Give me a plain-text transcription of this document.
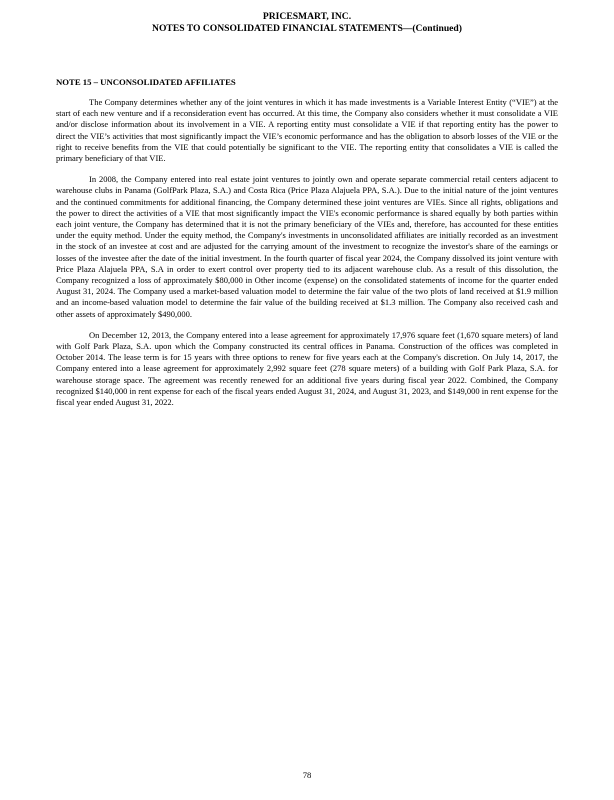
PRICESMART, INC.
NOTES TO CONSOLIDATED FINANCIAL STATEMENTS—(Continued)
NOTE 15 – UNCONSOLIDATED AFFILIATES

The Company determines whether any of the joint ventures in which it has made investments is a Variable Interest Entity (“VIE”) at the start of each new venture and if a reconsideration event has occurred. At this time, the Company also considers whether it must consolidate a VIE and/or disclose information about its involvement in a VIE. A reporting entity must consolidate a VIE if that reporting entity has the power to direct the VIE’s activities that most significantly impact the VIE’s economic performance and has the obligation to absorb losses of the VIE or the right to receive benefits from the VIE that could potentially be significant to the VIE. The reporting entity that consolidates a VIE is called the primary beneficiary of that VIE.

In 2008, the Company entered into real estate joint ventures to jointly own and operate separate commercial retail centers adjacent to warehouse clubs in Panama (GolfPark Plaza, S.A.) and Costa Rica (Price Plaza Alajuela PPA, S.A.). Due to the initial nature of the joint ventures and the continued commitments for additional financing, the Company determined these joint ventures are VIEs. Since all rights, obligations and the power to direct the activities of a VIE that most significantly impact the VIE's economic performance is shared equally by both parties within each joint venture, the Company has determined that it is not the primary beneficiary of the VIEs and, therefore, has accounted for these entities under the equity method. Under the equity method, the Company's investments in unconsolidated affiliates are initially recorded as an investment in the stock of an investee at cost and are adjusted for the carrying amount of the investment to recognize the investor's share of the earnings or losses of the investee after the date of the initial investment. In the fourth quarter of fiscal year 2024, the Company dissolved its joint venture with Price Plaza Alajuela PPA, S.A in order to exert control over property tied to its adjacent warehouse club. As a result of this dissolution, the Company recognized a loss of approximately $80,000 in Other income (expense) on the consolidated statements of income for the quarter ended August 31, 2024. The Company used a market-based valuation model to determine the fair value of the two plots of land received at $1.9 million and an income-based valuation model to determine the fair value of the building received at $1.3 million. The Company also received cash and other assets of approximately $490,000.

On December 12, 2013, the Company entered into a lease agreement for approximately 17,976 square feet (1,670 square meters) of land with Golf Park Plaza, S.A. upon which the Company constructed its central offices in Panama. Construction of the offices was completed in October 2014. The lease term is for 15 years with three options to renew for five years each at the Company's discretion. On July 14, 2017, the Company entered into a lease agreement for approximately 2,992 square feet (278 square meters) of a building with Golf Park Plaza, S.A. for warehouse storage space. The agreement was recently renewed for an additional five years during fiscal year 2022. Combined, the Company recognized $140,000 in rent expense for each of the fiscal years ended August 31, 2024, and August 31, 2023, and $149,000 in rent expense for the fiscal year ended August 31, 2022.

78
